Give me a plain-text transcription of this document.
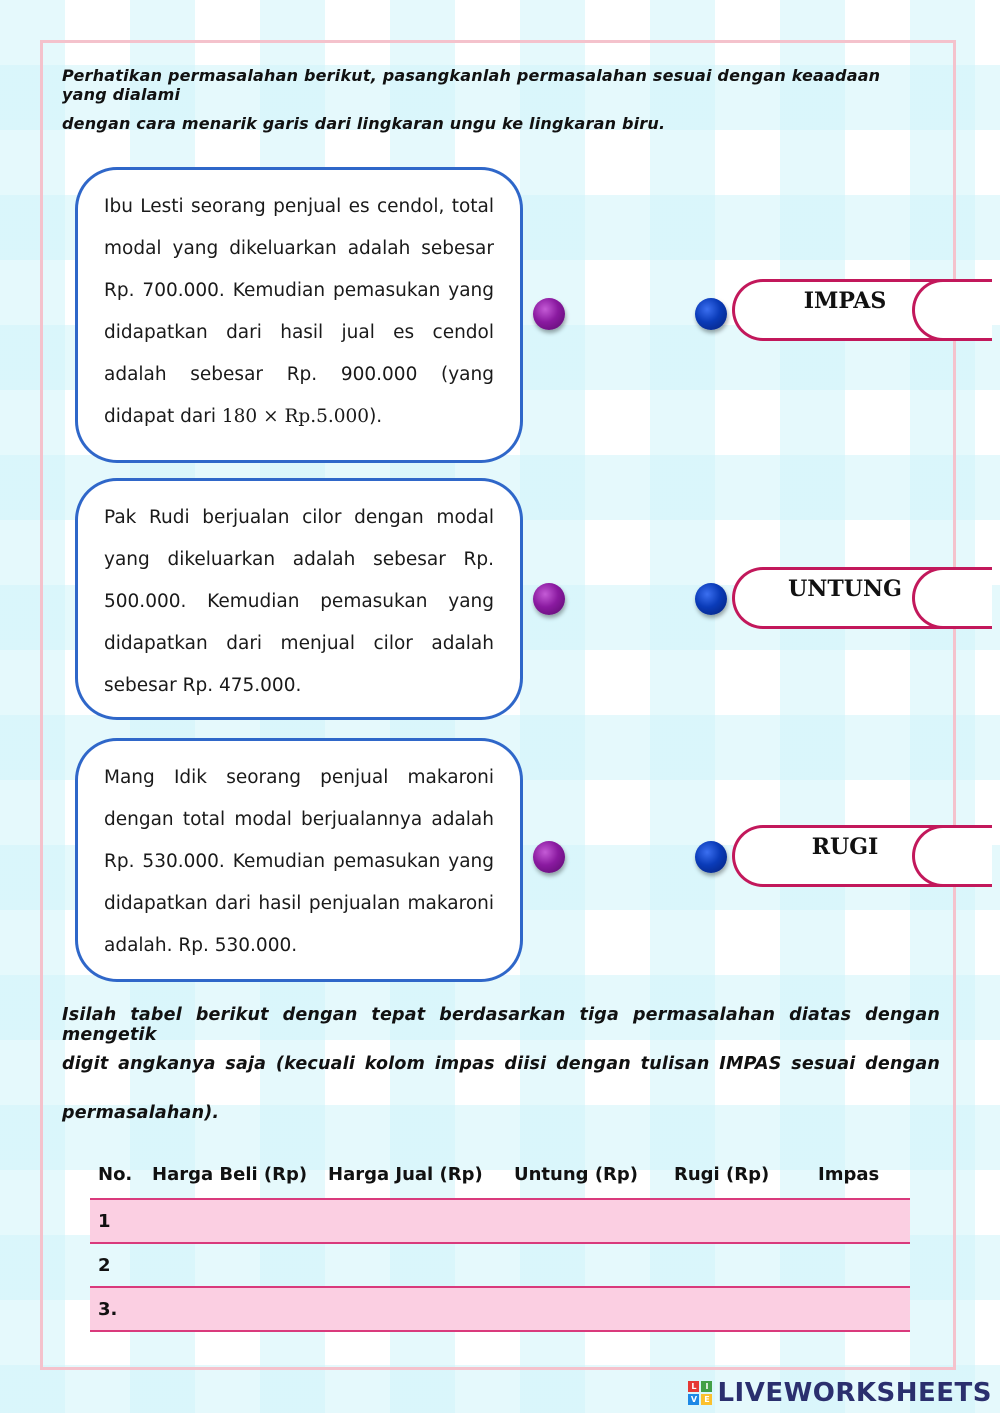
Perhatikan permasalahan berikut, pasangkanlah permasalahan sesuai dengan keaadaan yang dialami

dengan cara menarik garis dari lingkaran ungu ke lingkaran biru.

Ibu Lesti seorang penjual es cendol, total modal yang dikeluarkan adalah sebesar Rp. 700.000. Kemudian pemasukan yang didapatkan dari hasil jual es cendol adalah sebesar Rp. 900.000 (yang didapat dari 180 × Rp.5.000).

Pak Rudi berjualan cilor dengan modal yang dikeluarkan adalah sebesar Rp. 500.000. Kemudian pemasukan yang didapatkan dari menjual cilor adalah sebesar Rp. 475.000.

Mang Idik seorang penjual makaroni dengan total modal berjualannya adalah Rp. 530.000. Kemudian pemasukan yang didapatkan dari hasil penjualan makaroni adalah. Rp. 530.000.

IMPAS
UNTUNG
RUGI

Isilah tabel berikut dengan tepat berdasarkan tiga permasalahan diatas dengan mengetik

digit angkanya saja (kecuali kolom impas diisi dengan tulisan IMPAS sesuai dengan

permasalahan).

No.	Harga Beli (Rp)	Harga Jual (Rp)	Untung (Rp)	Rugi (Rp)	Impas
1					
2					
3.					
L	I
V E LIVEWORKSHEETS
